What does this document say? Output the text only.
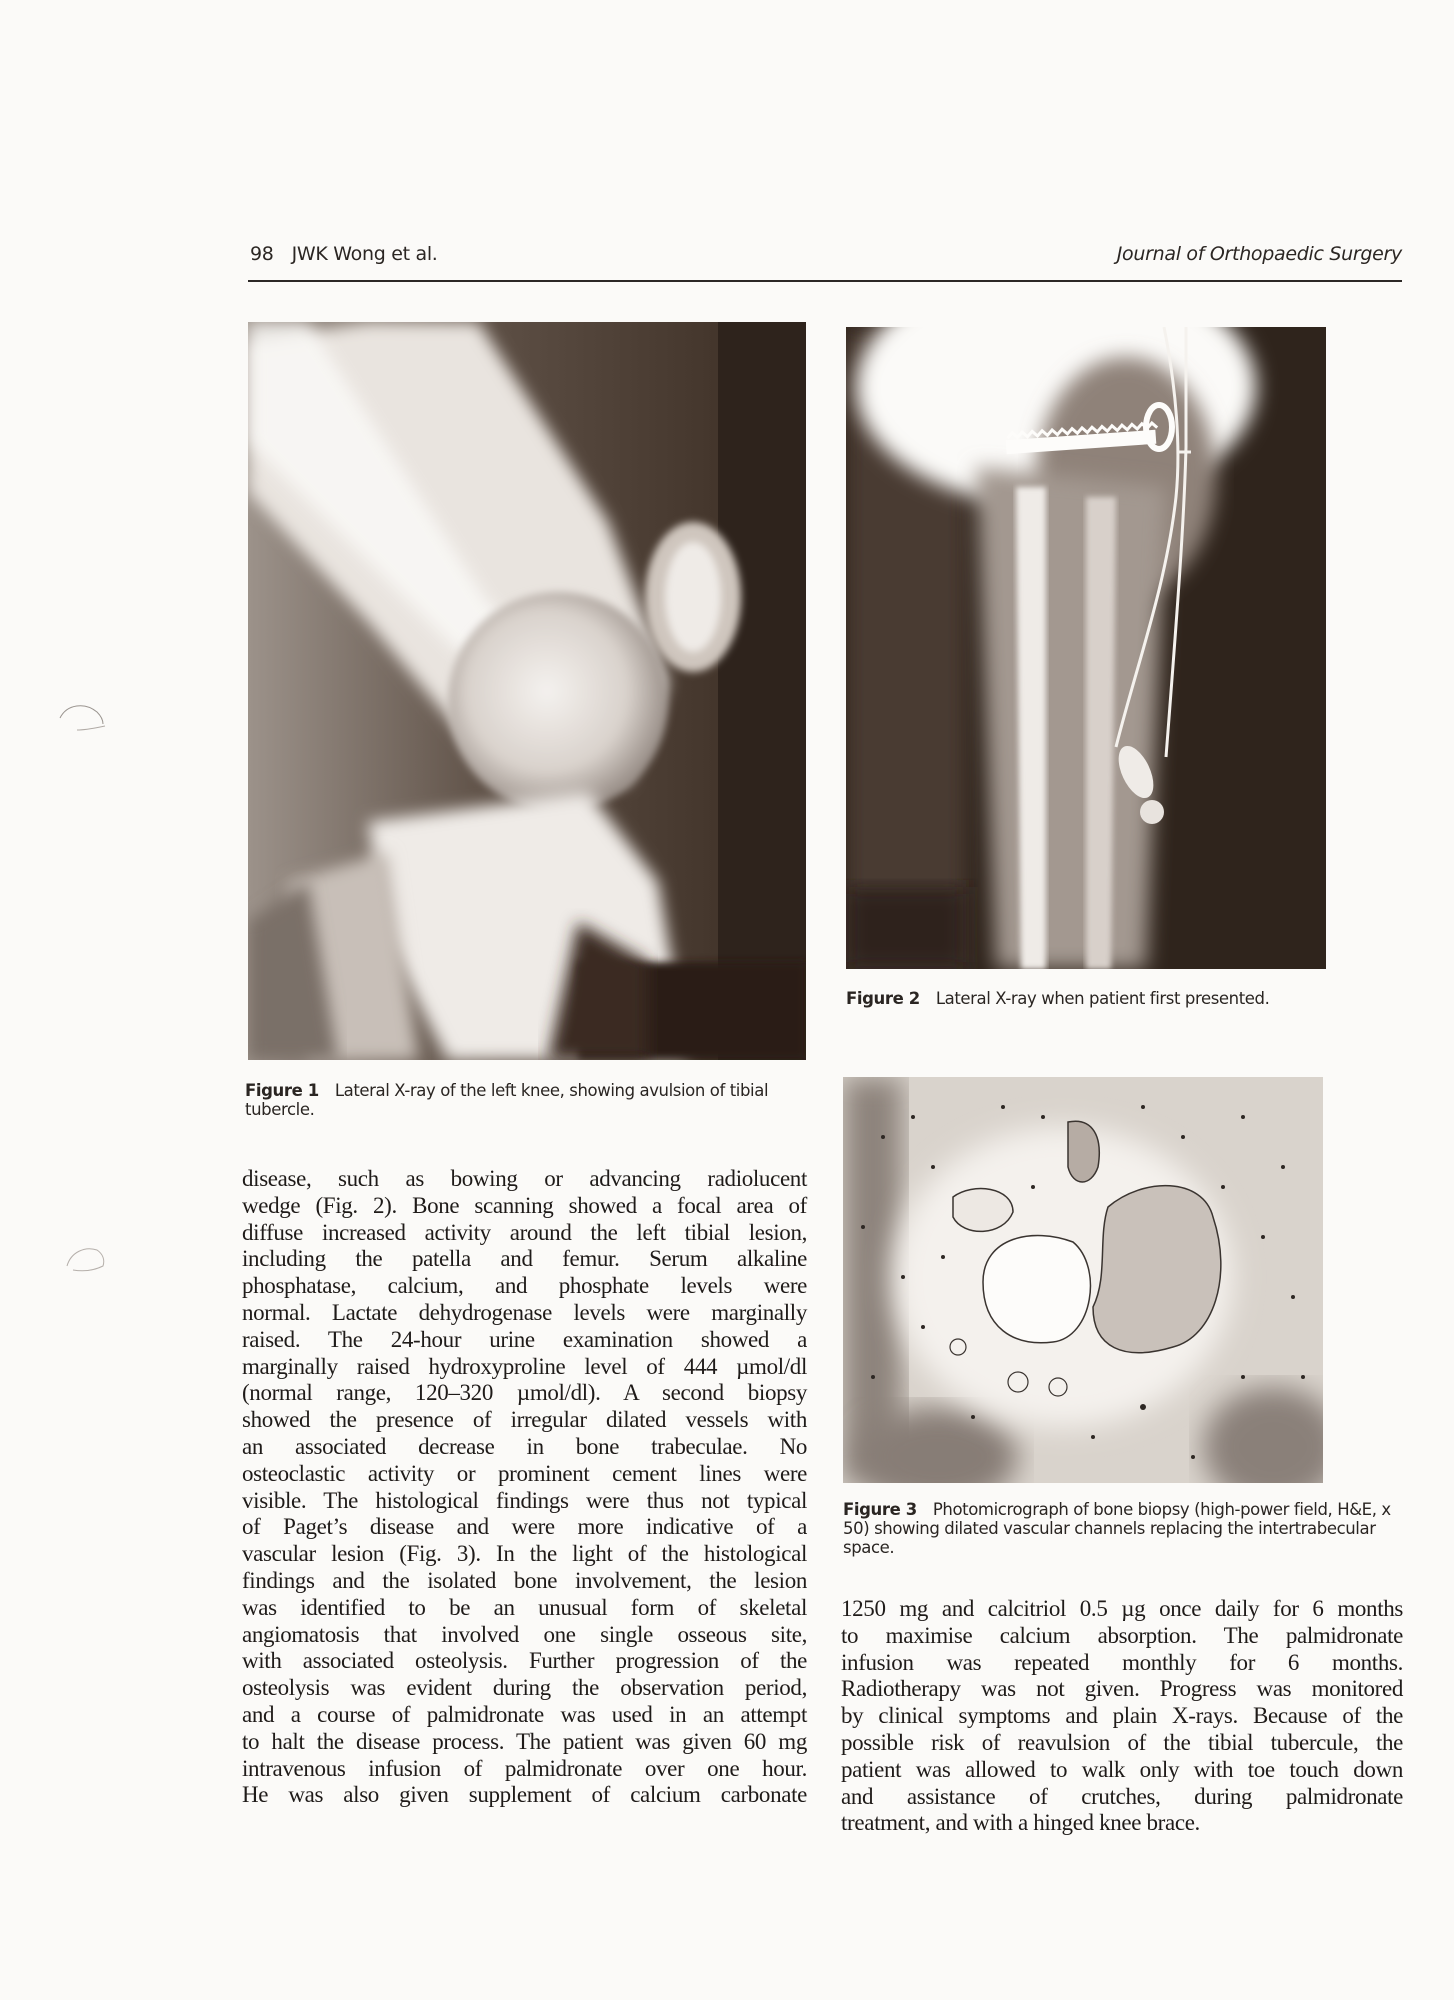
98 JWK Wong et al.	Journal of Orthopaedic Surgery
Figure 2 Lateral X-ray when patient first presented.
Figure 1 Lateral X-ray of the left knee, showing avulsion of tibial tubercle.
Figure 3 Photomicrograph of bone biopsy (high-power field, H&E, x 50) showing dilated vascular channels replacing the intertrabecular space.
disease, such as bowing or advancing radiolucent
wedge (Fig. 2). Bone scanning showed a focal area of
diffuse increased activity around the left tibial lesion,
including the patella and femur. Serum alkaline
phosphatase, calcium, and phosphate levels were
normal. Lactate dehydrogenase levels were marginally
raised. The 24-hour urine examination showed a
marginally raised hydroxyproline level of 444 µmol/dl
(normal range, 120–320 µmol/dl). A second biopsy
showed the presence of irregular dilated vessels with
an associated decrease in bone trabeculae. No
osteoclastic activity or prominent cement lines were
visible. The histological findings were thus not typical
of Paget’s disease and were more indicative of a
vascular lesion (Fig. 3). In the light of the histological
findings and the isolated bone involvement, the lesion
was identified to be an unusual form of skeletal
angiomatosis that involved one single osseous site,
with associated osteolysis. Further progression of the
osteolysis was evident during the observation period,
and a course of palmidronate was used in an attempt
to halt the disease process. The patient was given 60 mg
intravenous infusion of palmidronate over one hour.
He was also given supplement of calcium carbonate
1250 mg and calcitriol 0.5 µg once daily for 6 months
to maximise calcium absorption. The palmidronate
infusion was repeated monthly for 6 months.
Radiotherapy was not given. Progress was monitored
by clinical symptoms and plain X-rays. Because of the
possible risk of reavulsion of the tibial tubercule, the
patient was allowed to walk only with toe touch down
and assistance of crutches, during palmidronate
treatment, and with a hinged knee brace.
